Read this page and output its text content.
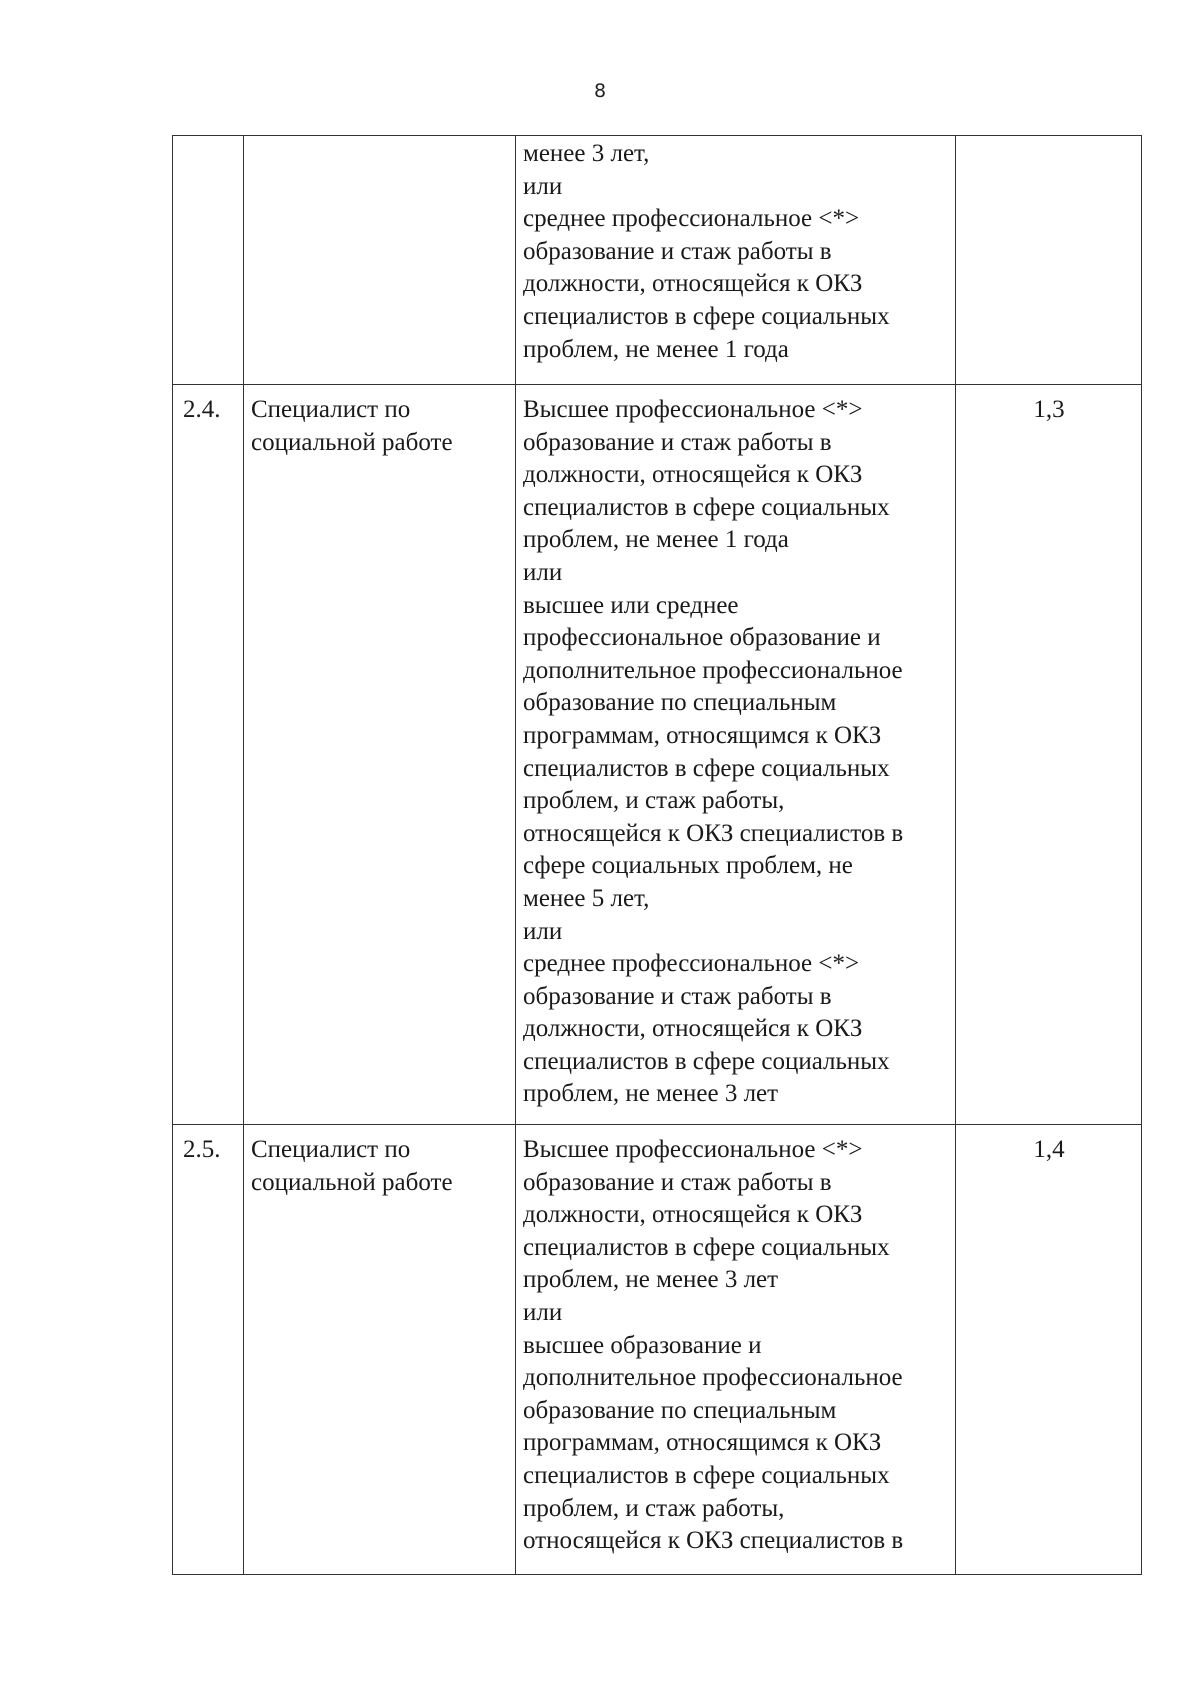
8
менее 3 лет,
или
среднее профессиональное <*>
образование и стаж работы в
должности, относящейся к ОКЗ
специалистов в сфере социальных
проблем, не менее 1 года
2.4. Специалист по
социальной работе
Высшее профессиональное <*>
образование и стаж работы в
должности, относящейся к ОКЗ
специалистов в сфере социальных
проблем, не менее 1 года
или
высшее или среднее
профессиональное образование и
дополнительное профессиональное
образование по специальным
программам, относящимся к ОКЗ
специалистов в сфере социальных
проблем, и стаж работы,
относящейся к ОКЗ специалистов в
сфере социальных проблем, не
менее 5 лет,
или
среднее профессиональное <*>
образование и стаж работы в
должности, относящейся к ОКЗ
специалистов в сфере социальных
проблем, не менее 3 лет
1,3
2.5. Специалист по
социальной работе
Высшее профессиональное <*>
образование и стаж работы в
должности, относящейся к ОКЗ
специалистов в сфере социальных
проблем, не менее 3 лет
или
высшее образование и
дополнительное профессиональное
образование по специальным
программам, относящимся к ОКЗ
специалистов в сфере социальных
проблем, и стаж работы,
относящейся к ОКЗ специалистов в
1,4
